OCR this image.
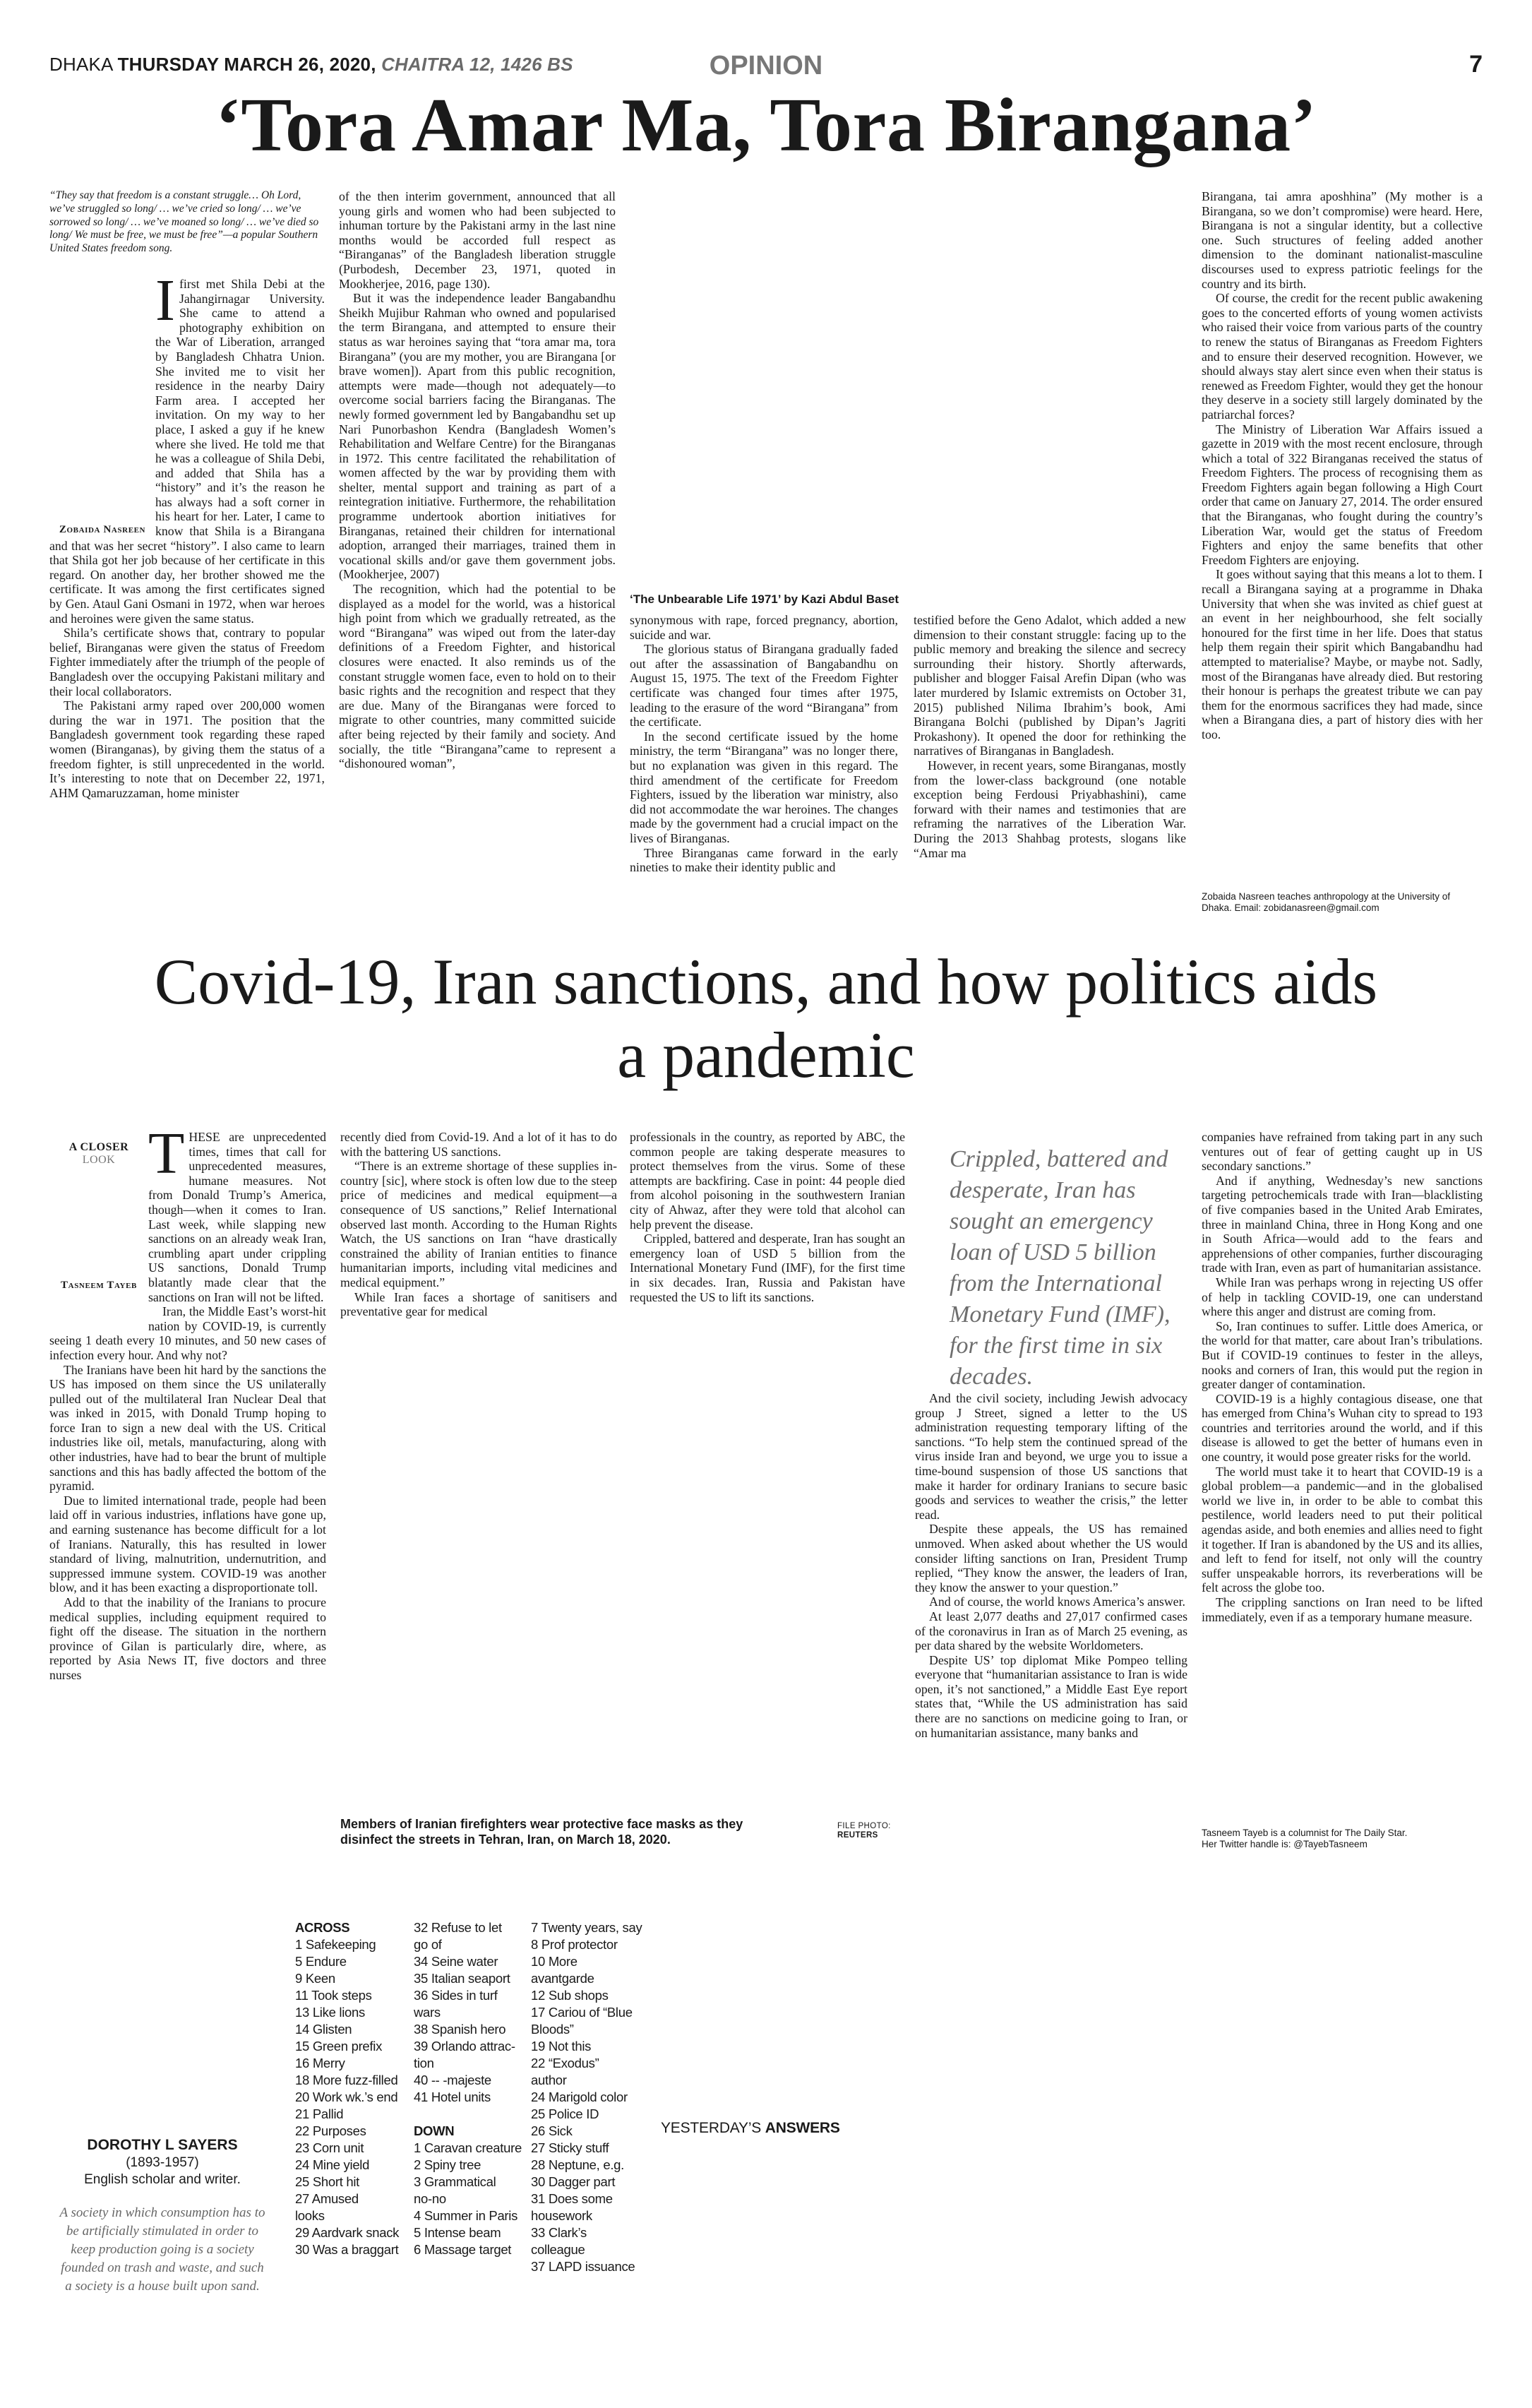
DHAKA THURSDAY MARCH 26, 2020, CHAITRA 12, 1426 BS	OPINION	7
‘Tora Amar Ma, Tora Birangana’

“They say that freedom is a constant struggle… Oh Lord, we’ve struggled so long/ … we’ve cried so long/ … we’ve sorrowed so long/ … we’ve moaned so long/ … we’ve died so long/ We must be free, we must be free”—a popular Southern United States freedom song.

Zobaida Nasreen

Ifirst met Shila Debi at the Jahangirnagar University. She came to attend a photography exhibition on the War of Liberation, arranged by Bangladesh Chhatra Union. She invited me to visit her residence in the nearby Dairy Farm area. I accepted her invitation. On my way to her place, I asked a guy if he knew where she lived. He told me that he was a colleague of Shila Debi, and added that Shila has a “history” and it’s the reason he has always had a soft corner in his heart for her. Later, I came to know that Shila is a Birangana and that was her secret “history”. I also came to learn that Shila got her job because of her certificate in this regard. On another day, her brother showed me the certificate. It was among the first certificates signed by Gen. Ataul Gani Osmani in 1972, when war heroes and heroines were given the same status.

Shila’s certificate shows that, contrary to popular belief, Biranganas were given the status of Freedom Fighter immediately after the triumph of the people of Bangladesh over the occupying Pakistani military and their local collaborators.

The Pakistani army raped over 200,000 women during the war in 1971. The position that the Bangladesh government took regarding these raped women (Biranganas), by giving them the status of a freedom fighter, is still unprecedented in the world. It’s interesting to note that on December 22, 1971, AHM Qamaruzzaman, home minister

of the then interim government, announced that all young girls and women who had been subjected to inhuman torture by the Pakistani army in the last nine months would be accorded full respect as “Biranganas” of the Bangladesh liberation struggle (Purbodesh, December 23, 1971, quoted in Mookherjee, 2016, page 130).

But it was the independence leader Bangabandhu Sheikh Mujibur Rahman who owned and popularised the term Birangana, and attempted to ensure their status as war heroines saying that “tora amar ma, tora Birangana” (you are my mother, you are Birangana [or brave women]). Apart from this public recognition, attempts were made—though not adequately—to overcome social barriers facing the Biranganas. The newly formed government led by Bangabandhu set up Nari Punorbashon Kendra (Bangladesh Women’s Rehabilitation and Welfare Centre) for the Biranganas in 1972. This centre facilitated the rehabilitation of women affected by the war by providing them with shelter, mental support and training as part of a reintegration initiative. Furthermore, the rehabilitation programme undertook abortion initiatives for Biranganas, retained their children for international adoption, arranged their marriages, trained them in vocational skills and/or gave them government jobs. (Mookherjee, 2007)

The recognition, which had the potential to be displayed as a model for the world, was a historical high point from which we gradually retreated, as the word “Birangana” was wiped out from the later-day definitions of a Freedom Fighter, and historical closures were enacted. It also reminds us of the constant struggle women face, even to hold on to their basic rights and the recognition and respect that they are due. Many of the Biranganas were forced to migrate to other countries, many committed suicide after being rejected by their family and society. And socially, the title “Birangana”came to represent a “dishonoured woman”,

‘The Unbearable Life 1971’ by Kazi Abdul Baset

synonymous with rape, forced pregnancy, abortion, suicide and war.

The glorious status of Birangana gradually faded out after the assassination of Bangabandhu on August 15, 1975. The text of the Freedom Fighter certificate was changed four times after 1975, leading to the erasure of the word “Birangana” from the certificate.

In the second certificate issued by the home ministry, the term “Birangana” was no longer there, but no explanation was given in this regard. The third amendment of the certificate for Freedom Fighters, issued by the liberation war ministry, also did not accommodate the war heroines. The changes made by the government had a crucial impact on the lives of Biranganas.

Three Biranganas came forward in the early nineties to make their identity public and

testified before the Geno Adalot, which added a new dimension to their constant struggle: facing up to the public memory and breaking the silence and secrecy surrounding their history. Shortly afterwards, publisher and blogger Faisal Arefin Dipan (who was later murdered by Islamic extremists on October 31, 2015) published Nilima Ibrahim’s book, Ami Birangana Bolchi (published by Dipan’s Jagriti Prokashony). It opened the door for rethinking the narratives of Biranganas in Bangladesh.

However, in recent years, some Biranganas, mostly from the lower-class background (one notable exception being Ferdousi Priyabhashini), came forward with their names and testimonies that are reframing the narratives of the Liberation War. During the 2013 Shahbag protests, slogans like “Amar ma

Birangana, tai amra aposhhina” (My mother is a Birangana, so we don’t compromise) were heard. Here, Birangana is not a singular identity, but a collective one. Such structures of feeling added another dimension to the dominant nationalist-masculine discourses used to express patriotic feelings for the country and its birth.

Of course, the credit for the recent public awakening goes to the concerted efforts of young women activists who raised their voice from various parts of the country to renew the status of Biranganas as Freedom Fighters and to ensure their deserved recognition. However, we should always stay alert since even when their status is renewed as Freedom Fighter, would they get the honour they deserve in a society still largely dominated by the patriarchal forces?

The Ministry of Liberation War Affairs issued a gazette in 2019 with the most recent enclosure, through which a total of 322 Biranganas received the status of Freedom Fighters. The process of recognising them as Freedom Fighters again began following a High Court order that came on January 27, 2014. The order ensured that the Biranganas, who fought during the country’s Liberation War, would get the status of Freedom Fighters and enjoy the same benefits that other Freedom Fighters are enjoying.

It goes without saying that this means a lot to them. I recall a Birangana saying at a programme in Dhaka University that when she was invited as chief guest at an event in her neighbourhood, she felt socially honoured for the first time in her life. Does that status help them regain their spirit which Bangabandhu had attempted to materialise? Maybe, or maybe not. Sadly, most of the Biranganas have already died. But restoring their honour is perhaps the greatest tribute we can pay them for the enormous sacrifices they had made, since when a Birangana dies, a part of history dies with her too.

Zobaida Nasreen teaches anthropology at the University of Dhaka. Email: zobidanasreen@gmail.com
Covid-19, Iran sanctions, and how politics aids a pandemic
A CLOSER
LOOK
Tasneem Tayeb

THESE are unprecedented times, times that call for unprecedented measures, humane measures. Not from Donald Trump’s America, though—when it comes to Iran. Last week, while slapping new sanctions on an already weak Iran, crumbling apart under crippling US sanctions, Donald Trump blatantly made clear that the sanctions on Iran will not be lifted.

Iran, the Middle East’s worst-hit nation by COVID-19, is currently seeing 1 death every 10 minutes, and 50 new cases of infection every hour. And why not?

The Iranians have been hit hard by the sanctions the US has imposed on them since the US unilaterally pulled out of the multilateral Iran Nuclear Deal that was inked in 2015, with Donald Trump hoping to force Iran to sign a new deal with the US. Critical industries like oil, metals, manufacturing, along with other industries, have had to bear the brunt of multiple sanctions and this has badly affected the bottom of the pyramid.

Due to limited international trade, people had been laid off in various industries, inflations have gone up, and earning sustenance has become difficult for a lot of Iranians. Naturally, this has resulted in lower standard of living, malnutrition, undernutrition, and suppressed immune system. COVID-19 was another blow, and it has been exacting a disproportionate toll.

Add to that the inability of the Iranians to procure medical supplies, including equipment required to fight off the disease. The situation in the northern province of Gilan is particularly dire, where, as reported by Asia News IT, five doctors and three nurses

recently died from Covid-19. And a lot of it has to do with the battering US sanctions.

“There is an extreme shortage of these supplies in-country [sic], where stock is often low due to the steep price of medicines and medical equipment—a consequence of US sanctions,” Relief International observed last month. According to the Human Rights Watch, the US sanctions on Iran “have drastically constrained the ability of Iranian entities to finance humanitarian imports, including vital medicines and medical equipment.”

While Iran faces a shortage of sanitisers and preventative gear for medical

professionals in the country, as reported by ABC, the common people are taking desperate measures to protect themselves from the virus. Some of these attempts are backfiring. Case in point: 44 people died from alcohol poisoning in the southwestern Iranian city of Ahwaz, after they were told that alcohol can help prevent the disease.

Crippled, battered and desperate, Iran has sought an emergency loan of USD 5 billion from the International Monetary Fund (IMF), for the first time in six decades. Iran, Russia and Pakistan have requested the US to lift its sanctions.

Crippled, battered and desperate, Iran has sought an emergency loan of USD 5 billion from the International Monetary Fund (IMF), for the first time in six decades.
Members of Iranian firefighters wear protective face masks as they disinfect the streets in Tehran, Iran, on March 18, 2020.
FILE PHOTO:
REUTERS

And the civil society, including Jewish advocacy group J Street, signed a letter to the US administration requesting temporary lifting of the sanctions. “To help stem the continued spread of the virus inside Iran and beyond, we urge you to issue a time-bound suspension of those US sanctions that make it harder for ordinary Iranians to secure basic goods and services to weather the crisis,” the letter read.

Despite these appeals, the US has remained unmoved. When asked about whether the US would consider lifting sanctions on Iran, President Trump replied, “They know the answer, the leaders of Iran, they know the answer to your question.”

And of course, the world knows America’s answer.

At least 2,077 deaths and 27,017 confirmed cases of the coronavirus in Iran as of March 25 evening, as per data shared by the website Worldometers.

Despite US’ top diplomat Mike Pompeo telling everyone that “humanitarian assistance to Iran is wide open, it’s not sanctioned,” a Middle East Eye report states that, “While the US administration has said there are no sanctions on medicine going to Iran, or on humanitarian assistance, many banks and

companies have refrained from taking part in any such ventures out of fear of getting caught up in US secondary sanctions.”

And if anything, Wednesday’s new sanctions targeting petrochemicals trade with Iran—blacklisting of five companies based in the United Arab Emirates, three in mainland China, three in Hong Kong and one in South Africa—would add to the fears and apprehensions of other companies, further discouraging trade with Iran, even as part of humanitarian assistance.

While Iran was perhaps wrong in rejecting US offer of help in tackling COVID-19, one can understand where this anger and distrust are coming from.

So, Iran continues to suffer. Little does America, or the world for that matter, care about Iran’s tribulations. But if COVID-19 continues to fester in the alleys, nooks and corners of Iran, this would put the region in greater danger of contamination.

COVID-19 is a highly contagious disease, one that has emerged from China’s Wuhan city to spread to 193 countries and territories around the world, and if this disease is allowed to get the better of humans even in one country, it would pose greater risks for the world.

The world must take it to heart that COVID-19 is a global problem—a pandemic—and in the globalised world we live in, in order to be able to combat this pestilence, world leaders need to put their political agendas aside, and both enemies and allies need to fight it together. If Iran is abandoned by the US and its allies, and left to fend for itself, not only will the country suffer unspeakable horrors, its reverberations will be felt across the globe too.

The crippling sanctions on Iran need to be lifted immediately, even if as a temporary humane measure.

Tasneem Tayeb is a columnist for The Daily Star.
Her Twitter handle is: @TayebTasneem
DOROTHY L SAYERS
(1893-1957)
English scholar and writer.
A society in which consumption has to be artificially stimulated in order to keep production going is a society founded on trash and waste, and such a society is a house built upon sand.
ACROSS
1 Safekeeping
5 Endure
9 Keen
11 Took steps
13 Like lions
14 Glisten
15 Green prefix
16 Merry
18 More fuzz-filled
20 Work wk.’s end
21 Pallid
22 Purposes
23 Corn unit
24 Mine yield
25 Short hit
27 Amused
looks
29 Aardvark snack
30 Was a braggart
32 Refuse to let
go of
34 Seine water
35 Italian seaport
36 Sides in turf
wars
38 Spanish hero
39 Orlando attrac-
tion
40 -- -majeste
41 Hotel units

DOWN
1 Caravan creature
2 Spiny tree
3 Grammatical
no-no
4 Summer in Paris
5 Intense beam
6 Massage target
7 Twenty years, say
8 Prof protector
10 More avantgarde
12 Sub shops
17 Cariou of “Blue
Bloods”
19 Not this
22 “Exodus”
author
24 Marigold color
25 Police ID
26 Sick
27 Sticky stuff
28 Neptune, e.g.
30 Dagger part
31 Does some
housework
33 Clark’s
colleague
37 LAPD issuance
YESTERDAY’S ANSWERS
